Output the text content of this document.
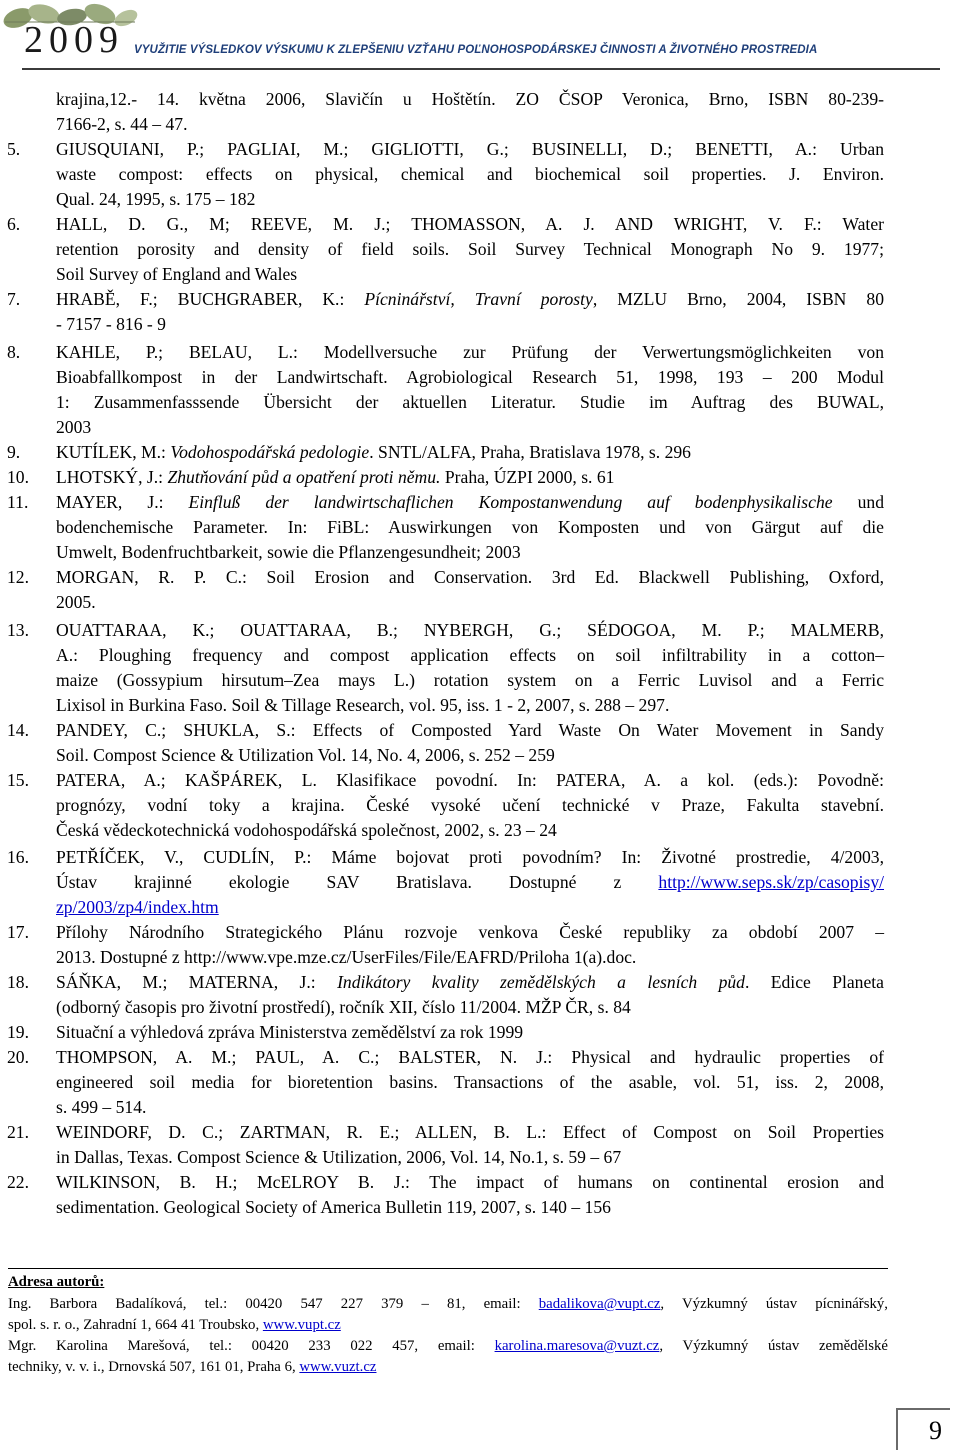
2009 VYUŽITIE VÝSLEDKOV VÝSKUMU K ZLEPŠENIU VZŤAHU POĽNOHOSPODÁRSKEJ ČINNOSTI A ŽIVOTNÉHO PROSTREDIA
krajina,12.- 14. května 2006, Slavičín u Hoštětín. ZO ČSOP Veronica, Brno, ISBN 80-239-
7166-2, s. 44 – 47.
5.	GIUSQUIANI, P.; PAGLIAI, M.; GIGLIOTTI, G.; BUSINELLI, D.; BENETTI, A.: Urban
waste compost: effects on physical, chemical and biochemical soil properties. J. Environ.
Qual. 24, 1995, s. 175 – 182
6.	HALL, D. G., M; REEVE, M. J.; THOMASSON, A. J. AND WRIGHT, V. F.: Water
retention porosity and density of field soils. Soil Survey Technical Monograph No 9. 1977;
Soil Survey of England and Wales
7.	HRABĚ, F.; BUCHGRABER, K.: Pícninářství, Travní porosty, MZLU Brno, 2004, ISBN 80
- 7157 - 816 - 9
8.	KAHLE, P.; BELAU, L.: Modellversuche zur Prüfung der Verwertungsmöglichkeiten von
Bioabfallkompost in der Landwirtschaft. Agrobiological Research 51, 1998, 193 – 200 Modul
1: Zusammenfasssende Übersicht der aktuellen Literatur. Studie im Auftrag des BUWAL,
2003
9.	KUTÍLEK, M.: Vodohospodářská pedologie. SNTL/ALFA, Praha, Bratislava 1978, s. 296
10.	LHOTSKÝ, J.: Zhutňování půd a opatření proti němu. Praha, ÚZPI 2000, s. 61
11.	MAYER, J.: Einfluß der landwirtschaflichen Kompostanwendung auf bodenphysikalische und
bodenchemische Parameter. In: FiBL: Auswirkungen von Komposten und von Gärgut auf die
Umwelt, Bodenfruchtbarkeit, sowie die Pflanzengesundheit; 2003
12.	MORGAN, R. P. C.: Soil Erosion and Conservation. 3rd Ed. Blackwell Publishing, Oxford,
2005.
13.	OUATTARAA, K.; OUATTARAA, B.; NYBERGH, G.; SÉDOGOA, M. P.; MALMERB,
A.: Ploughing frequency and compost application effects on soil infiltrability in a cotton–
maize (Gossypium hirsutum–Zea mays L.) rotation system on a Ferric Luvisol and a Ferric
Lixisol in Burkina Faso. Soil & Tillage Research, vol. 95, iss. 1 - 2, 2007, s. 288 – 297.
14.	PANDEY, C.; SHUKLA, S.: Effects of Composted Yard Waste On Water Movement in Sandy
Soil. Compost Science & Utilization Vol. 14, No. 4, 2006, s. 252 – 259
15.	PATERA, A.; KAŠPÁREK, L. Klasifikace povodní. In: PATERA, A. a kol. (eds.): Povodně:
prognózy, vodní toky a krajina. České vysoké učení technické v Praze, Fakulta stavební.
Česká vědeckotechnická vodohospodářská společnost, 2002, s. 23 – 24
16.	PETŘÍČEK, V., CUDLÍN, P.: Máme bojovat proti povodním? In: Životné prostredie, 4/2003,
Ústav krajinné ekologie SAV Bratislava. Dostupné z http://www.seps.sk/zp/casopisy/
zp/2003/zp4/index.htm
17.	Přílohy Národního Strategického Plánu rozvoje venkova České republiky za období 2007 –
2013. Dostupné z http://www.vpe.mze.cz/UserFiles/File/EAFRD/Priloha 1(a).doc.
18.	SÁŇKA, M.; MATERNA, J.: Indikátory kvality zemědělských a lesních půd. Edice Planeta
(odborný časopis pro životní prostředí), ročník XII, číslo 11/2004. MŽP ČR, s. 84
19.	Situační a výhledová zpráva Ministerstva zemědělství za rok 1999
20.	THOMPSON, A. M.; PAUL, A. C.; BALSTER, N. J.: Physical and hydraulic properties of
engineered soil media for bioretention basins. Transactions of the asable, vol. 51, iss. 2, 2008,
s. 499 – 514.
21.	WEINDORF, D. C.; ZARTMAN, R. E.; ALLEN, B. L.: Effect of Compost on Soil Properties
in Dallas, Texas. Compost Science & Utilization, 2006, Vol. 14, No.1, s. 59 – 67
22.	WILKINSON, B. H.; McELROY B. J.: The impact of humans on continental erosion and
sedimentation. Geological Society of America Bulletin 119, 2007, s. 140 – 156
Adresa autorů:
Ing. Barbora Badalíková, tel.: 00420 547 227 379 – 81, email: badalikova@vupt.cz, Výzkumný ústav pícninářský,
spol. s. r. o., Zahradní 1, 664 41 Troubsko, www.vupt.cz
Mgr. Karolina Marešová, tel.: 00420 233 022 457, email: karolina.maresova@vuzt.cz, Výzkumný ústav zemědělské
techniky, v. v. i., Drnovská 507, 161 01, Praha 6, www.vuzt.cz
9
